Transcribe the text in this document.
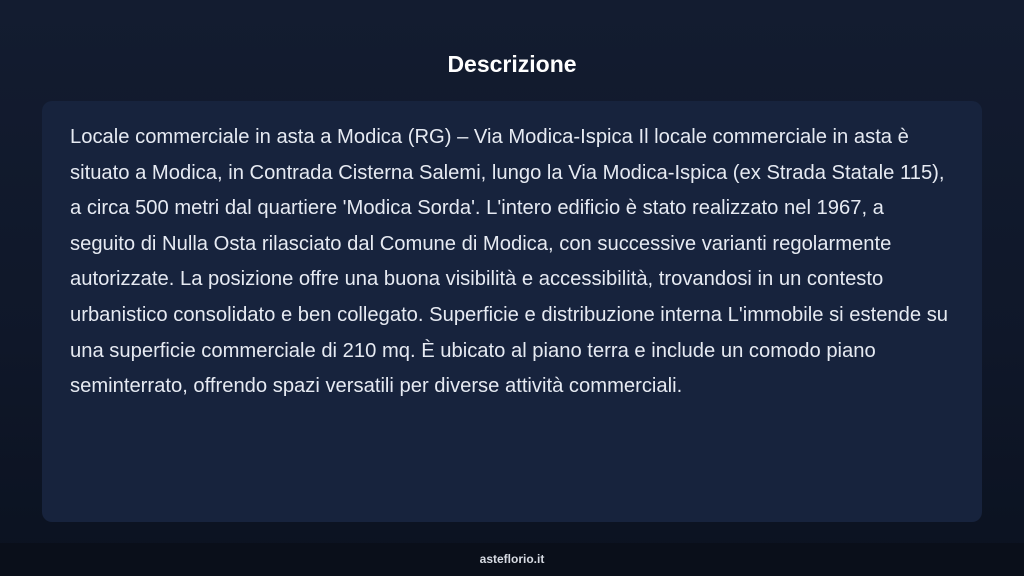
Descrizione

Locale commerciale in asta a Modica (RG) – Via Modica-Ispica Il locale commerciale in asta è situato a Modica, in Contrada Cisterna Salemi, lungo la Via Modica-Ispica (ex Strada Statale 115), a circa 500 metri dal quartiere 'Modica Sorda'. L'intero edificio è stato realizzato nel 1967, a seguito di Nulla Osta rilasciato dal Comune di Modica, con successive varianti regolarmente autorizzate. La posizione offre una buona visibilità e accessibilità, trovandosi in un contesto urbanistico consolidato e ben collegato. Superficie e distribuzione interna L'immobile si estende su una superficie commerciale di 210 mq. È ubicato al piano terra e include un comodo piano seminterrato, offrendo spazi versatili per diverse attività commerciali.

asteflorio.it
